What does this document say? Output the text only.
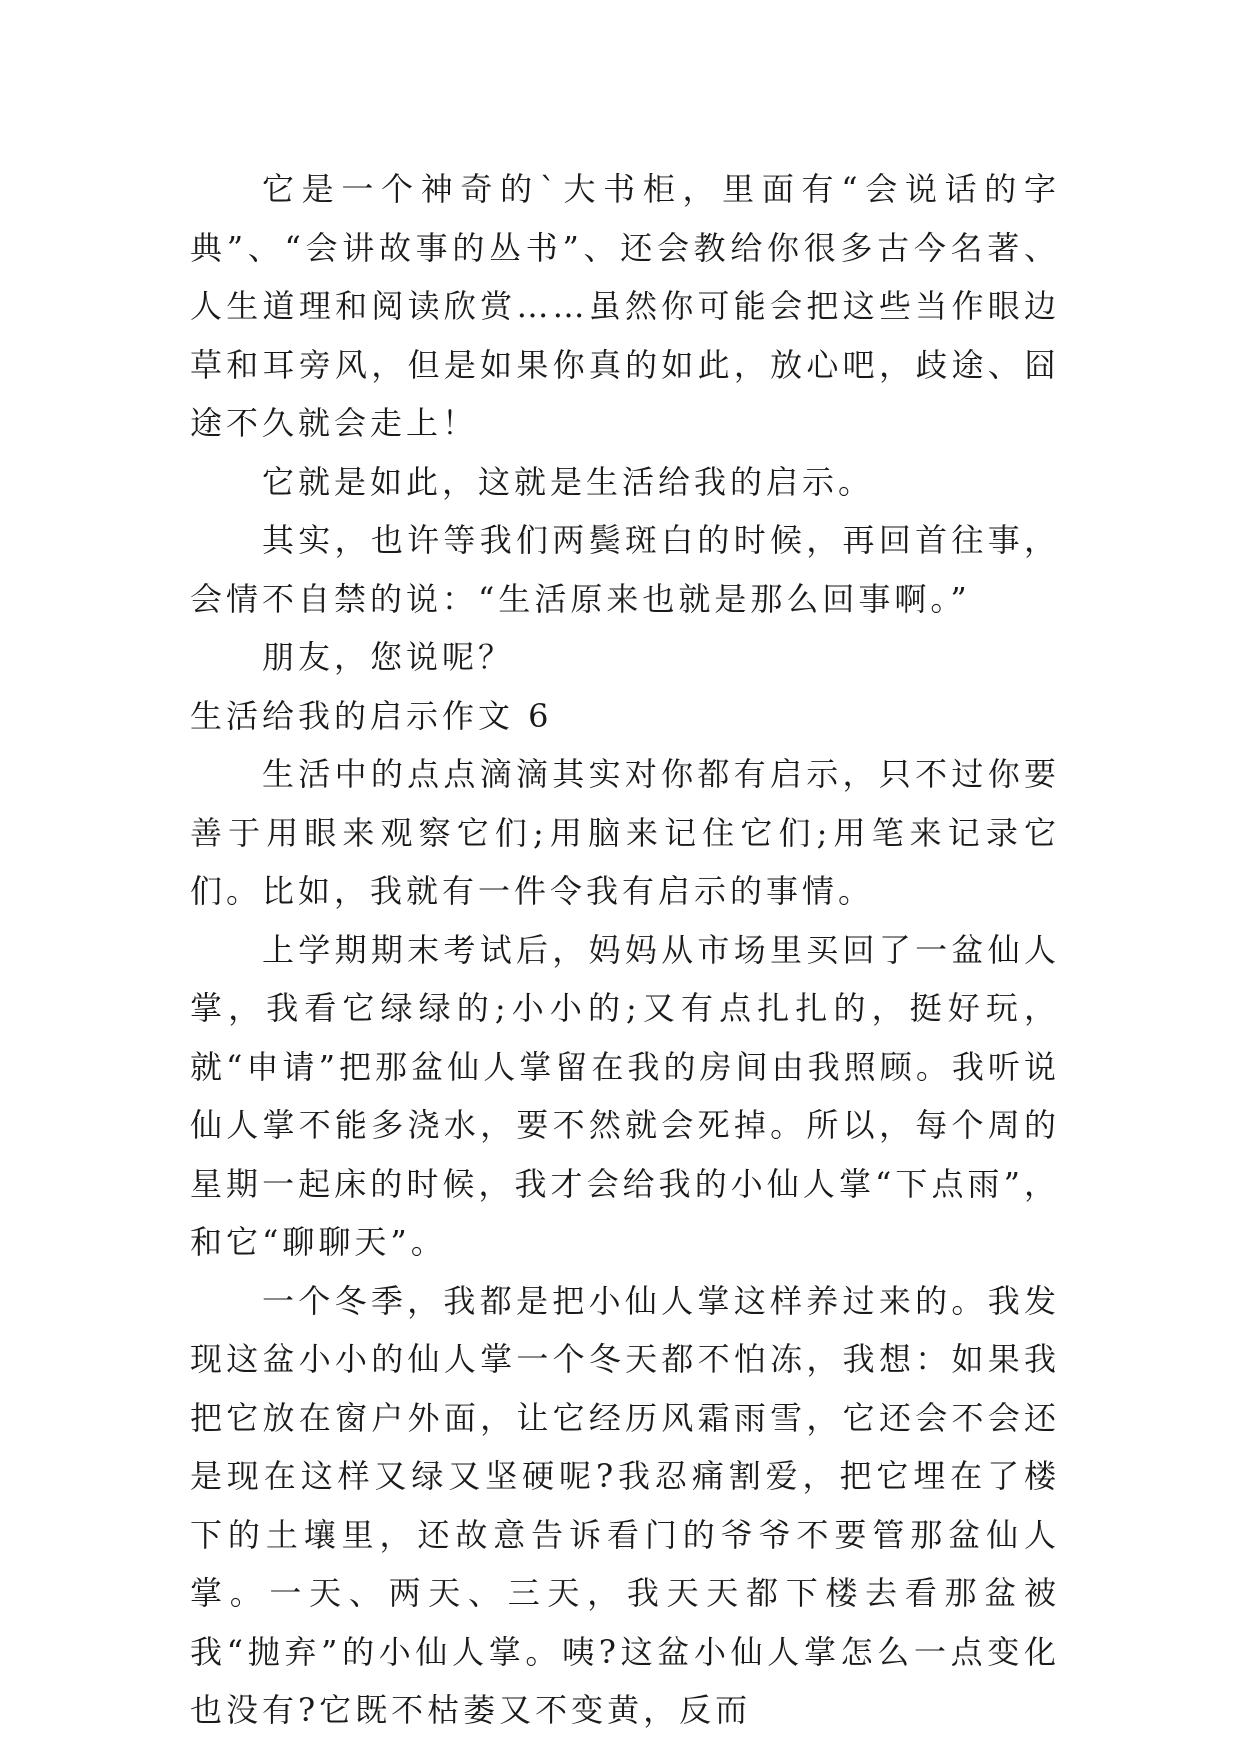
它是一个神奇的`大书柜，里面有“会说话的字典”、“会讲故事的丛书”、还会教给你很多古今名著、人生道理和阅读欣赏……虽然你可能会把这些当作眼边草和耳旁风，但是如果你真的如此，放心吧，歧途、囧途不久就会走上！

它就是如此，这就是生活给我的启示。

其实，也许等我们两鬓斑白的时候，再回首往事，会情不自禁的说：“生活原来也就是那么回事啊。”

朋友，您说呢？

生活给我的启示作文 6

生活中的点点滴滴其实对你都有启示，只不过你要善于用眼来观察它们;用脑来记住它们;用笔来记录它们。比如，我就有一件令我有启示的事情。

上学期期末考试后，妈妈从市场里买回了一盆仙人掌，我看它绿绿的;小小的;又有点扎扎的，挺好玩，就“申请”把那盆仙人掌留在我的房间由我照顾。我听说仙人掌不能多浇水，要不然就会死掉。所以，每个周的星期一起床的时候，我才会给我的小仙人掌“下点雨”，和它“聊聊天”。

一个冬季，我都是把小仙人掌这样养过来的。我发现这盆小小的仙人掌一个冬天都不怕冻，我想：如果我把它放在窗户外面，让它经历风霜雨雪，它还会不会还是现在这样又绿又坚硬呢?我忍痛割爱，把它埋在了楼下的土壤里，还故意告诉看门的爷爷不要管那盆仙人掌。一天、两天、三天，我天天都下楼去看那盆被我“抛弃”的小仙人掌。咦?这盆小仙人掌怎么一点变化也没有?它既不枯萎又不变黄，反而
